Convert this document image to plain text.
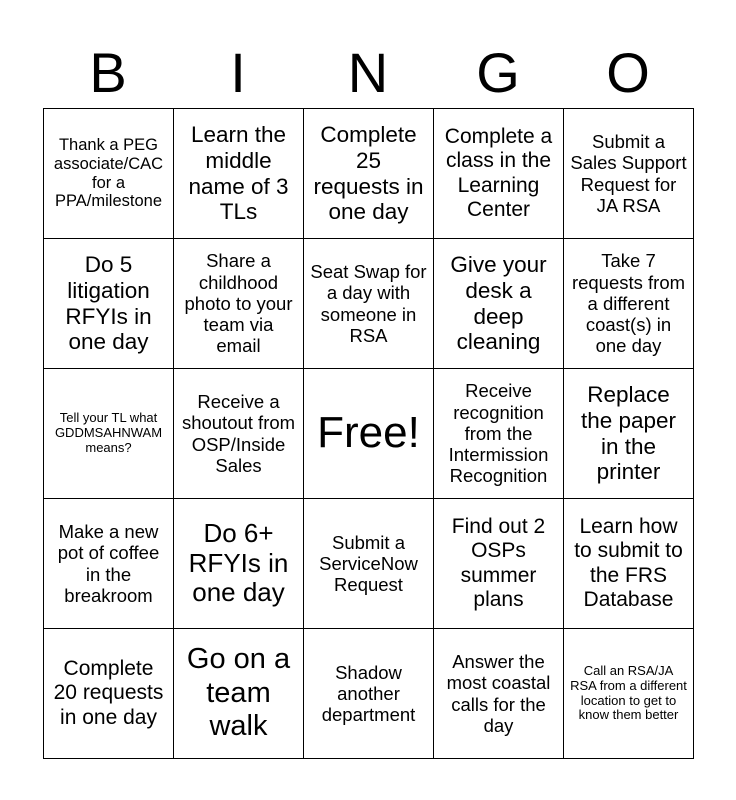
B	I	N	G	O
Thank a PEG associate/CAC for a PPA/milestone	Learn the middle name of 3 TLs	Complete 25 requests in one day	Complete a class in the Learning Center	Submit a Sales Support Request for JA RSA
Do 5 litigation RFYIs in one day	Share a childhood photo to your team via email	Seat Swap for a day with someone in RSA	Give your desk a deep cleaning	Take 7 requests from a different coast(s) in one day
Tell your TL what GDDMSAHNWAM means?	Receive a shoutout from OSP/Inside Sales	Free!	Receive recognition from the Intermission Recognition	Replace the paper in the printer
Make a new pot of coffee in the breakroom	Do 6+ RFYIs in one day	Submit a ServiceNow Request	Find out 2 OSPs summer plans	Learn how to submit to the FRS Database
Complete 20 requests in one day	Go on a team walk	Shadow another department	Answer the most coastal calls for the day	Call an RSA/JA RSA from a different location to get to know them better
